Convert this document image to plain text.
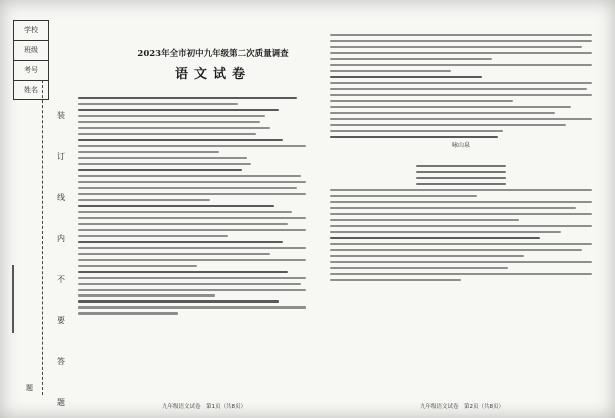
学校
班级
考号
姓名
装
订
线
内
不
要
答
题
题
2023年全市初中九年级第二次质量调查
语文试卷
咏山泉
九年级语文试卷　第1页（共8页）	九年级语文试卷　第2页（共8页）
